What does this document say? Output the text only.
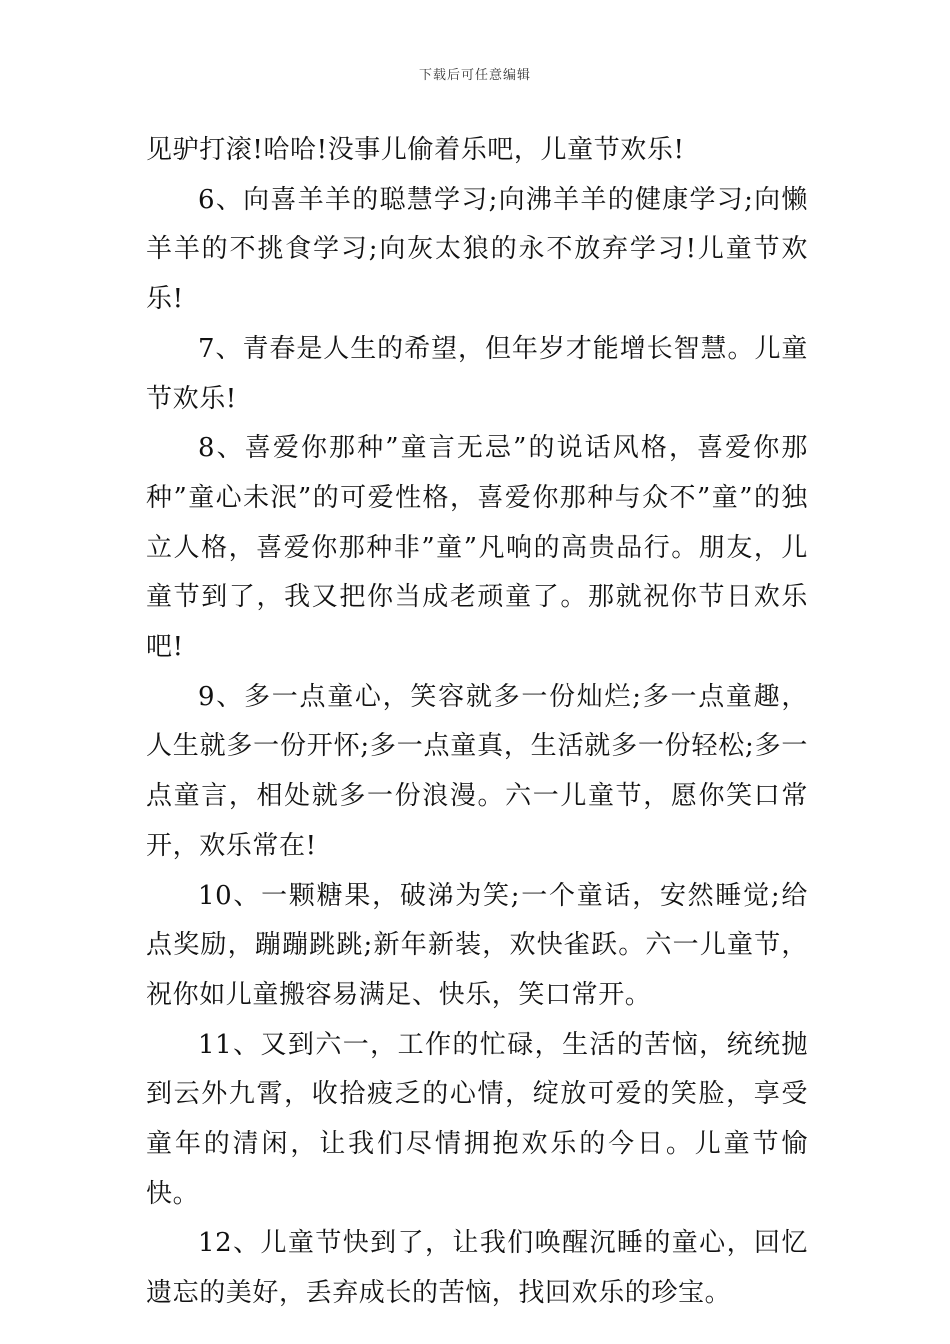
下载后可任意编辑

见驴打滚!哈哈!没事儿偷着乐吧，儿童节欢乐!

6、向喜羊羊的聪慧学习;向沸羊羊的健康学习;向懒羊羊的不挑食学习;向灰太狼的永不放弃学习!儿童节欢乐!

7、青春是人生的希望，但年岁才能增长智慧。儿童节欢乐!

8、喜爱你那种”童言无忌”的说话风格，喜爱你那种”童心未泯”的可爱性格，喜爱你那种与众不”童”的独立人格，喜爱你那种非”童”凡响的高贵品行。朋友，儿童节到了，我又把你当成老顽童了。那就祝你节日欢乐吧!

9、多一点童心，笑容就多一份灿烂;多一点童趣，人生就多一份开怀;多一点童真，生活就多一份轻松;多一点童言，相处就多一份浪漫。六一儿童节，愿你笑口常开，欢乐常在!

10、一颗糖果，破涕为笑;一个童话，安然睡觉;给点奖励，蹦蹦跳跳;新年新装，欢快雀跃。六一儿童节，祝你如儿童搬容易满足、快乐，笑口常开。

11、又到六一，工作的忙碌，生活的苦恼，统统抛到云外九霄，收拾疲乏的心情，绽放可爱的笑脸，享受童年的清闲，让我们尽情拥抱欢乐的今日。儿童节愉快。

12、儿童节快到了，让我们唤醒沉睡的童心，回忆遗忘的美好，丢弃成长的苦恼，找回欢乐的珍宝。
